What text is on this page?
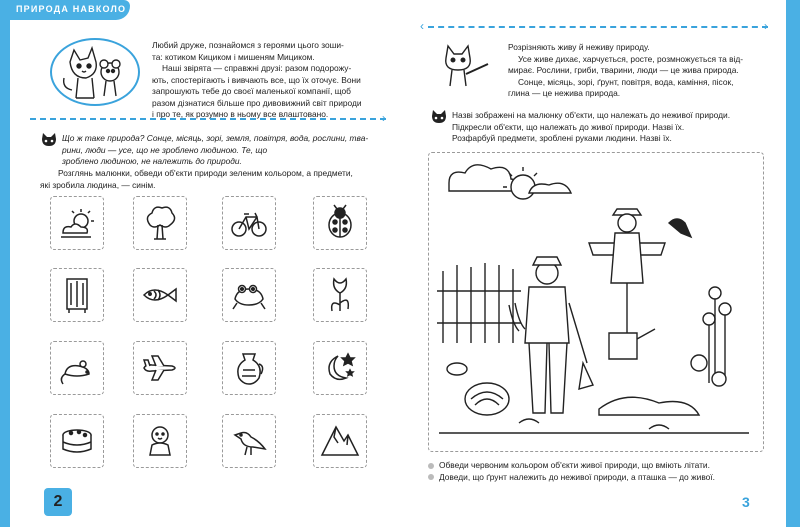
ПРИРОДА НАВКОЛО ТЕБЕ
2	3
‹	›
Любий друже, познайомся з героями цього зоши-
та: котиком Кициком і мишеням Мициком.
Наші звірята — справжні друзі: разом подорожу-
ють, спостерігають і вивчають все, що їх оточує. Вони
запрошують тебе до своєї маленької компанії, щоб
разом дізнатися більше про дивовижний світ природи
і про те, як розумно в ньому все влаштовано.	›
Що ж таке природа? Сонце, місяць, зорі, земля, повітря, вода, рослини, тва-
рини, люди — усе, що не зроблено людиною. Те, що
зроблено людиною, не належить до природи.
Розглянь малюнки, обведи об'єкти природи зеленим кольором, а предмети,
які зробила людина, — синім.
Розрізняють живу й неживу природу.
Усе живе дихає, харчується, росте, розмножується та від-
мирає. Рослини, гриби, тварини, люди — це жива природа.
Сонце, місяць, зорі, ґрунт, повітря, вода, каміння, пісок,
глина — це нежива природа.
Назві зображені на малюнку об'єкти, що належать до неживої природи.
Підкресли об'єкти, що належать до живої природи. Назві їх.
Розфарбуй предмети, зроблені руками людини. Назві їх.
Обведи червоним кольором об'єкти живої природи, що вміють літати.
Доведи, що ґрунт належить до неживої природи, а пташка — до живої.
